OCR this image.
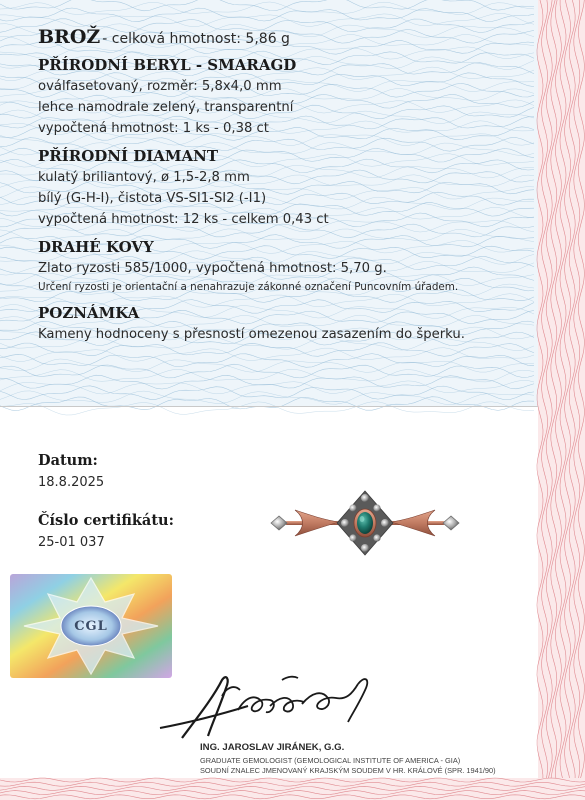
BROŽ - celková hmotnost: 5,86 g
PŘÍRODNÍ BERYL - SMARAGD
oválfasetovaný, rozměr: 5,8x4,0 mm
lehce namodrale zelený, transparentní
vypočtená hmotnost: 1 ks - 0,38 ct
PŘÍRODNÍ DIAMANT
kulatý briliantový, ø 1,5-2,8 mm
bílý (G-H-I), čistota VS-SI1-SI2 (-I1)
vypočtená hmotnost: 12 ks - celkem 0,43 ct
DRAHÉ KOVY
Zlato ryzosti 585/1000, vypočtená hmotnost: 5,70 g.
Určení ryzosti je orientační a nenahrazuje zákonné označení Puncovním úřadem.
POZNÁMKA
Kameny hodnoceny s přesností omezenou zasazením do šperku.
Datum:
18.8.2025
Číslo certifikátu:
25-01 037
CGL
ING. JAROSLAV JIRÁNEK, G.G.
GRADUATE GEMOLOGIST (GEMOLOGICAL INSTITUTE OF AMERICA - GIA)
SOUDNÍ ZNALEC JMENOVANÝ KRAJSKÝM SOUDEM V HR. KRÁLOVÉ (SPR. 1941/90)
